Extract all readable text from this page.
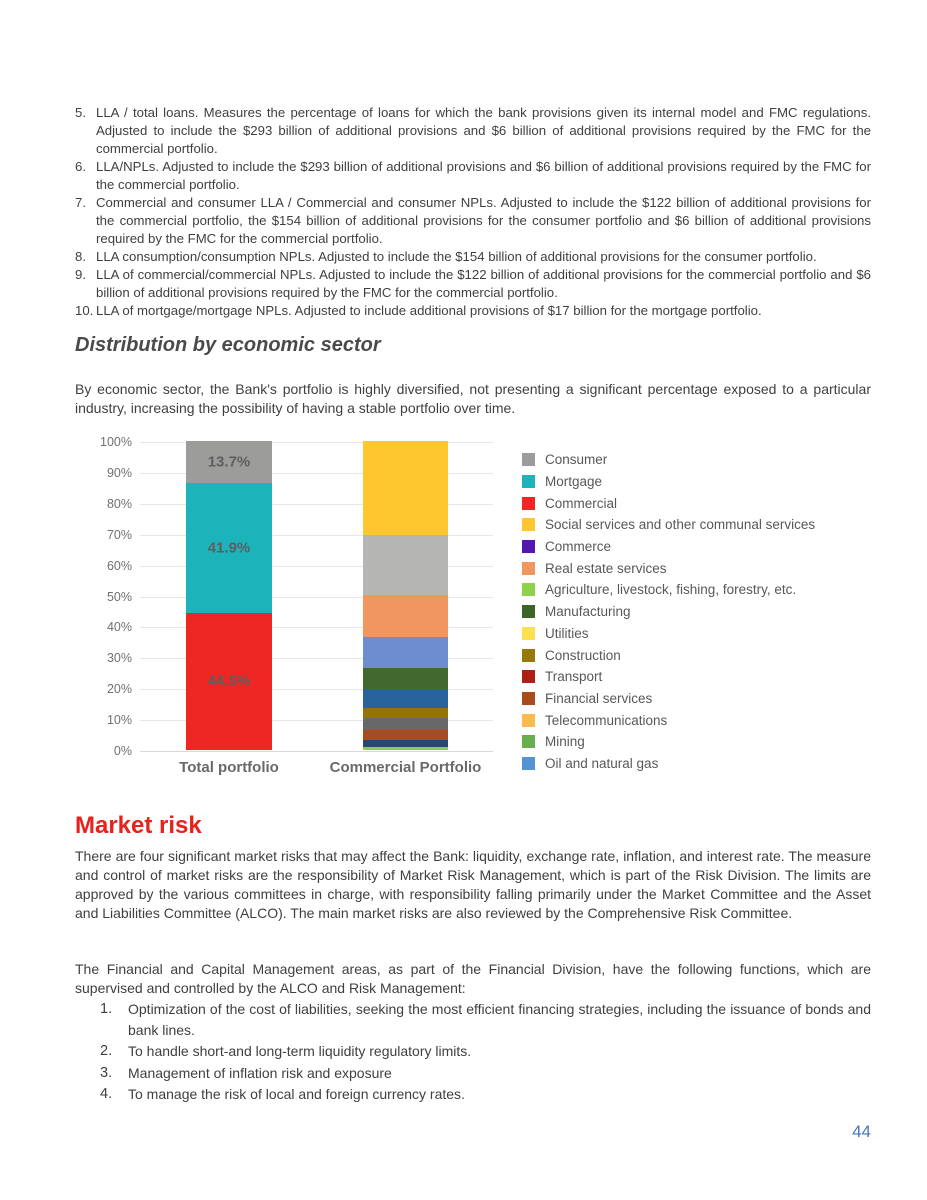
5. LLA / total loans. Measures the percentage of loans for which the bank provisions given its internal model and FMC regulations. Adjusted to include the $293 billion of additional provisions and $6 billion of additional provisions required by the FMC for the commercial portfolio.
6. LLA/NPLs. Adjusted to include the $293 billion of additional provisions and $6 billion of additional provisions required by the FMC for the commercial portfolio.
7. Commercial and consumer LLA / Commercial and consumer NPLs. Adjusted to include the $122 billion of additional provisions for the commercial portfolio, the $154 billion of additional provisions for the consumer portfolio and $6 billion of additional provisions required by the FMC for the commercial portfolio.
8. LLA consumption/consumption NPLs. Adjusted to include the $154 billion of additional provisions for the consumer portfolio.
9. LLA of commercial/commercial NPLs. Adjusted to include the $122 billion of additional provisions for the commercial portfolio and $6 billion of additional provisions required by the FMC for the commercial portfolio.
10. LLA of mortgage/mortgage NPLs. Adjusted to include additional provisions of $17 billion for the mortgage portfolio.
Distribution by economic sector

By economic sector, the Bank's portfolio is highly diversified, not presenting a significant percentage exposed to a particular industry, increasing the possibility of having a stable portfolio over time.

100%
90%
80%
70%
60%
50%
40%
30%
20%
10%
0%
44.5%
41.9%
13.7%	Consumer
Mortgage
Commercial
Social services and other communal services
Commerce
Real estate services
Agriculture, livestock, fishing, forestry, etc.
Manufacturing
Utilities
Construction
Transport
Financial services
Telecommunications
Mining
Oil and natural gas
Total portfolio	Commercial Portfolio
Market risk

There are four significant market risks that may affect the Bank: liquidity, exchange rate, inflation, and interest rate. The measure and control of market risks are the responsibility of Market Risk Management, which is part of the Risk Division. The limits are approved by the various committees in charge, with responsibility falling primarily under the Market Committee and the Asset and Liabilities Committee (ALCO). The main market risks are also reviewed by the Comprehensive Risk Committee.

The Financial and Capital Management areas, as part of the Financial Division, have the following functions, which are supervised and controlled by the ALCO and Risk Management:

1.	Optimization of the cost of liabilities, seeking the most efficient financing strategies, including the issuance of bonds and bank lines.
2.	To handle short-and long-term liquidity regulatory limits.
3.	Management of inflation risk and exposure
4.	To manage the risk of local and foreign currency rates.
44
